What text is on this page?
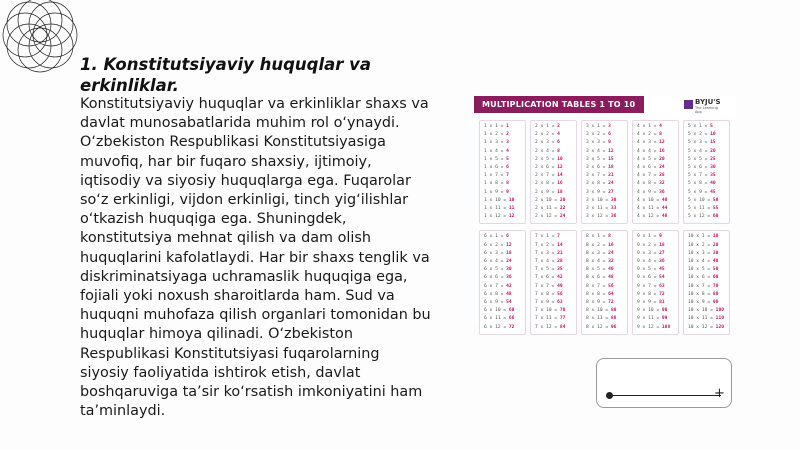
1. Konstitutsiyaviy huquqlar va erkinliklar.
Konstitutsiyaviy huquqlar va erkinliklar shaxs va davlat munosabatlarida muhim rol o‘ynaydi. O‘zbekiston Respublikasi Konstitutsiyasiga muvofiq, har bir fuqaro shaxsiy, ijtimoiy, iqtisodiy va siyosiy huquqlarga ega. Fuqarolar so‘z erkinligi, vijdon erkinligi, tinch yig‘ilishlar o‘tkazish huquqiga ega. Shuningdek, konstitutsiya mehnat qilish va dam olish huquqlarini kafolatlaydi. Har bir shaxs tenglik va diskriminatsiyaga uchramaslik huquqiga ega, fojiali yoki noxush sharoitlarda ham. Sud va huquqni muhofaza qilish organlari tomonidan bu huquqlar himoya qilinadi. O‘zbekiston Respublikasi Konstitutsiyasi fuqarolarning siyosiy faoliyatida ishtirok etish, davlat boshqaruviga ta’sir ko‘rsatish imkoniyatini ham ta’minlaydi.
MULTIPLICATION TABLES 1 TO 10	BYJU'S
The Learning App
1 x 1 = 1
1 x 2 = 2
1 x 3 = 3
1 x 4 = 4
1 x 5 = 5
1 x 6 = 6
1 x 7 = 7
1 x 8 = 8
1 x 9 = 9
1 x 10 = 10
1 x 11 = 11
1 x 12 = 12
2 x 1 = 2
2 x 2 = 4
2 x 3 = 6
2 x 4 = 8
2 x 5 = 10
2 x 6 = 12
2 x 7 = 14
2 x 8 = 16
2 x 9 = 18
2 x 10 = 20
2 x 11 = 22
2 x 12 = 24
3 x 1 = 3
3 x 2 = 6
3 x 3 = 9
3 x 4 = 12
3 x 5 = 15
3 x 6 = 18
3 x 7 = 21
3 x 8 = 24
3 x 9 = 27
3 x 10 = 30
3 x 11 = 33
3 x 12 = 36
4 x 1 = 4
4 x 2 = 8
4 x 3 = 12
4 x 4 = 16
4 x 5 = 20
4 x 6 = 24
4 x 7 = 28
4 x 8 = 32
4 x 9 = 36
4 x 10 = 40
4 x 11 = 44
4 x 12 = 48
5 x 1 = 5
5 x 2 = 10
5 x 3 = 15
5 x 4 = 20
5 x 5 = 25
5 x 6 = 30
5 x 7 = 35
5 x 8 = 40
5 x 9 = 45
5 x 10 = 50
5 x 11 = 55
5 x 12 = 60
6 x 1 = 6
6 x 2 = 12
6 x 3 = 18
6 x 4 = 24
6 x 5 = 30
6 x 6 = 36
6 x 7 = 42
6 x 8 = 48
6 x 9 = 54
6 x 10 = 60
6 x 11 = 66
6 x 12 = 72
7 x 1 = 7
7 x 2 = 14
7 x 3 = 21
7 x 4 = 28
7 x 5 = 35
7 x 6 = 42
7 x 7 = 49
7 x 8 = 56
7 x 9 = 63
7 x 10 = 70
7 x 11 = 77
7 x 12 = 84
8 x 1 = 8
8 x 2 = 16
8 x 3 = 24
8 x 4 = 32
8 x 5 = 40
8 x 6 = 48
8 x 7 = 56
8 x 8 = 64
8 x 9 = 72
8 x 10 = 80
8 x 11 = 88
8 x 12 = 96
9 x 1 = 9
9 x 2 = 18
9 x 3 = 27
9 x 4 = 36
9 x 5 = 45
9 x 6 = 54
9 x 7 = 63
9 x 8 = 72
9 x 9 = 81
9 x 10 = 90
9 x 11 = 99
9 x 12 = 108
10 x 1 = 10
10 x 2 = 20
10 x 3 = 30
10 x 4 = 40
10 x 5 = 50
10 x 6 = 60
10 x 7 = 70
10 x 8 = 80
10 x 9 = 90
10 x 10 = 100
10 x 11 = 110
10 x 12 = 120
+
